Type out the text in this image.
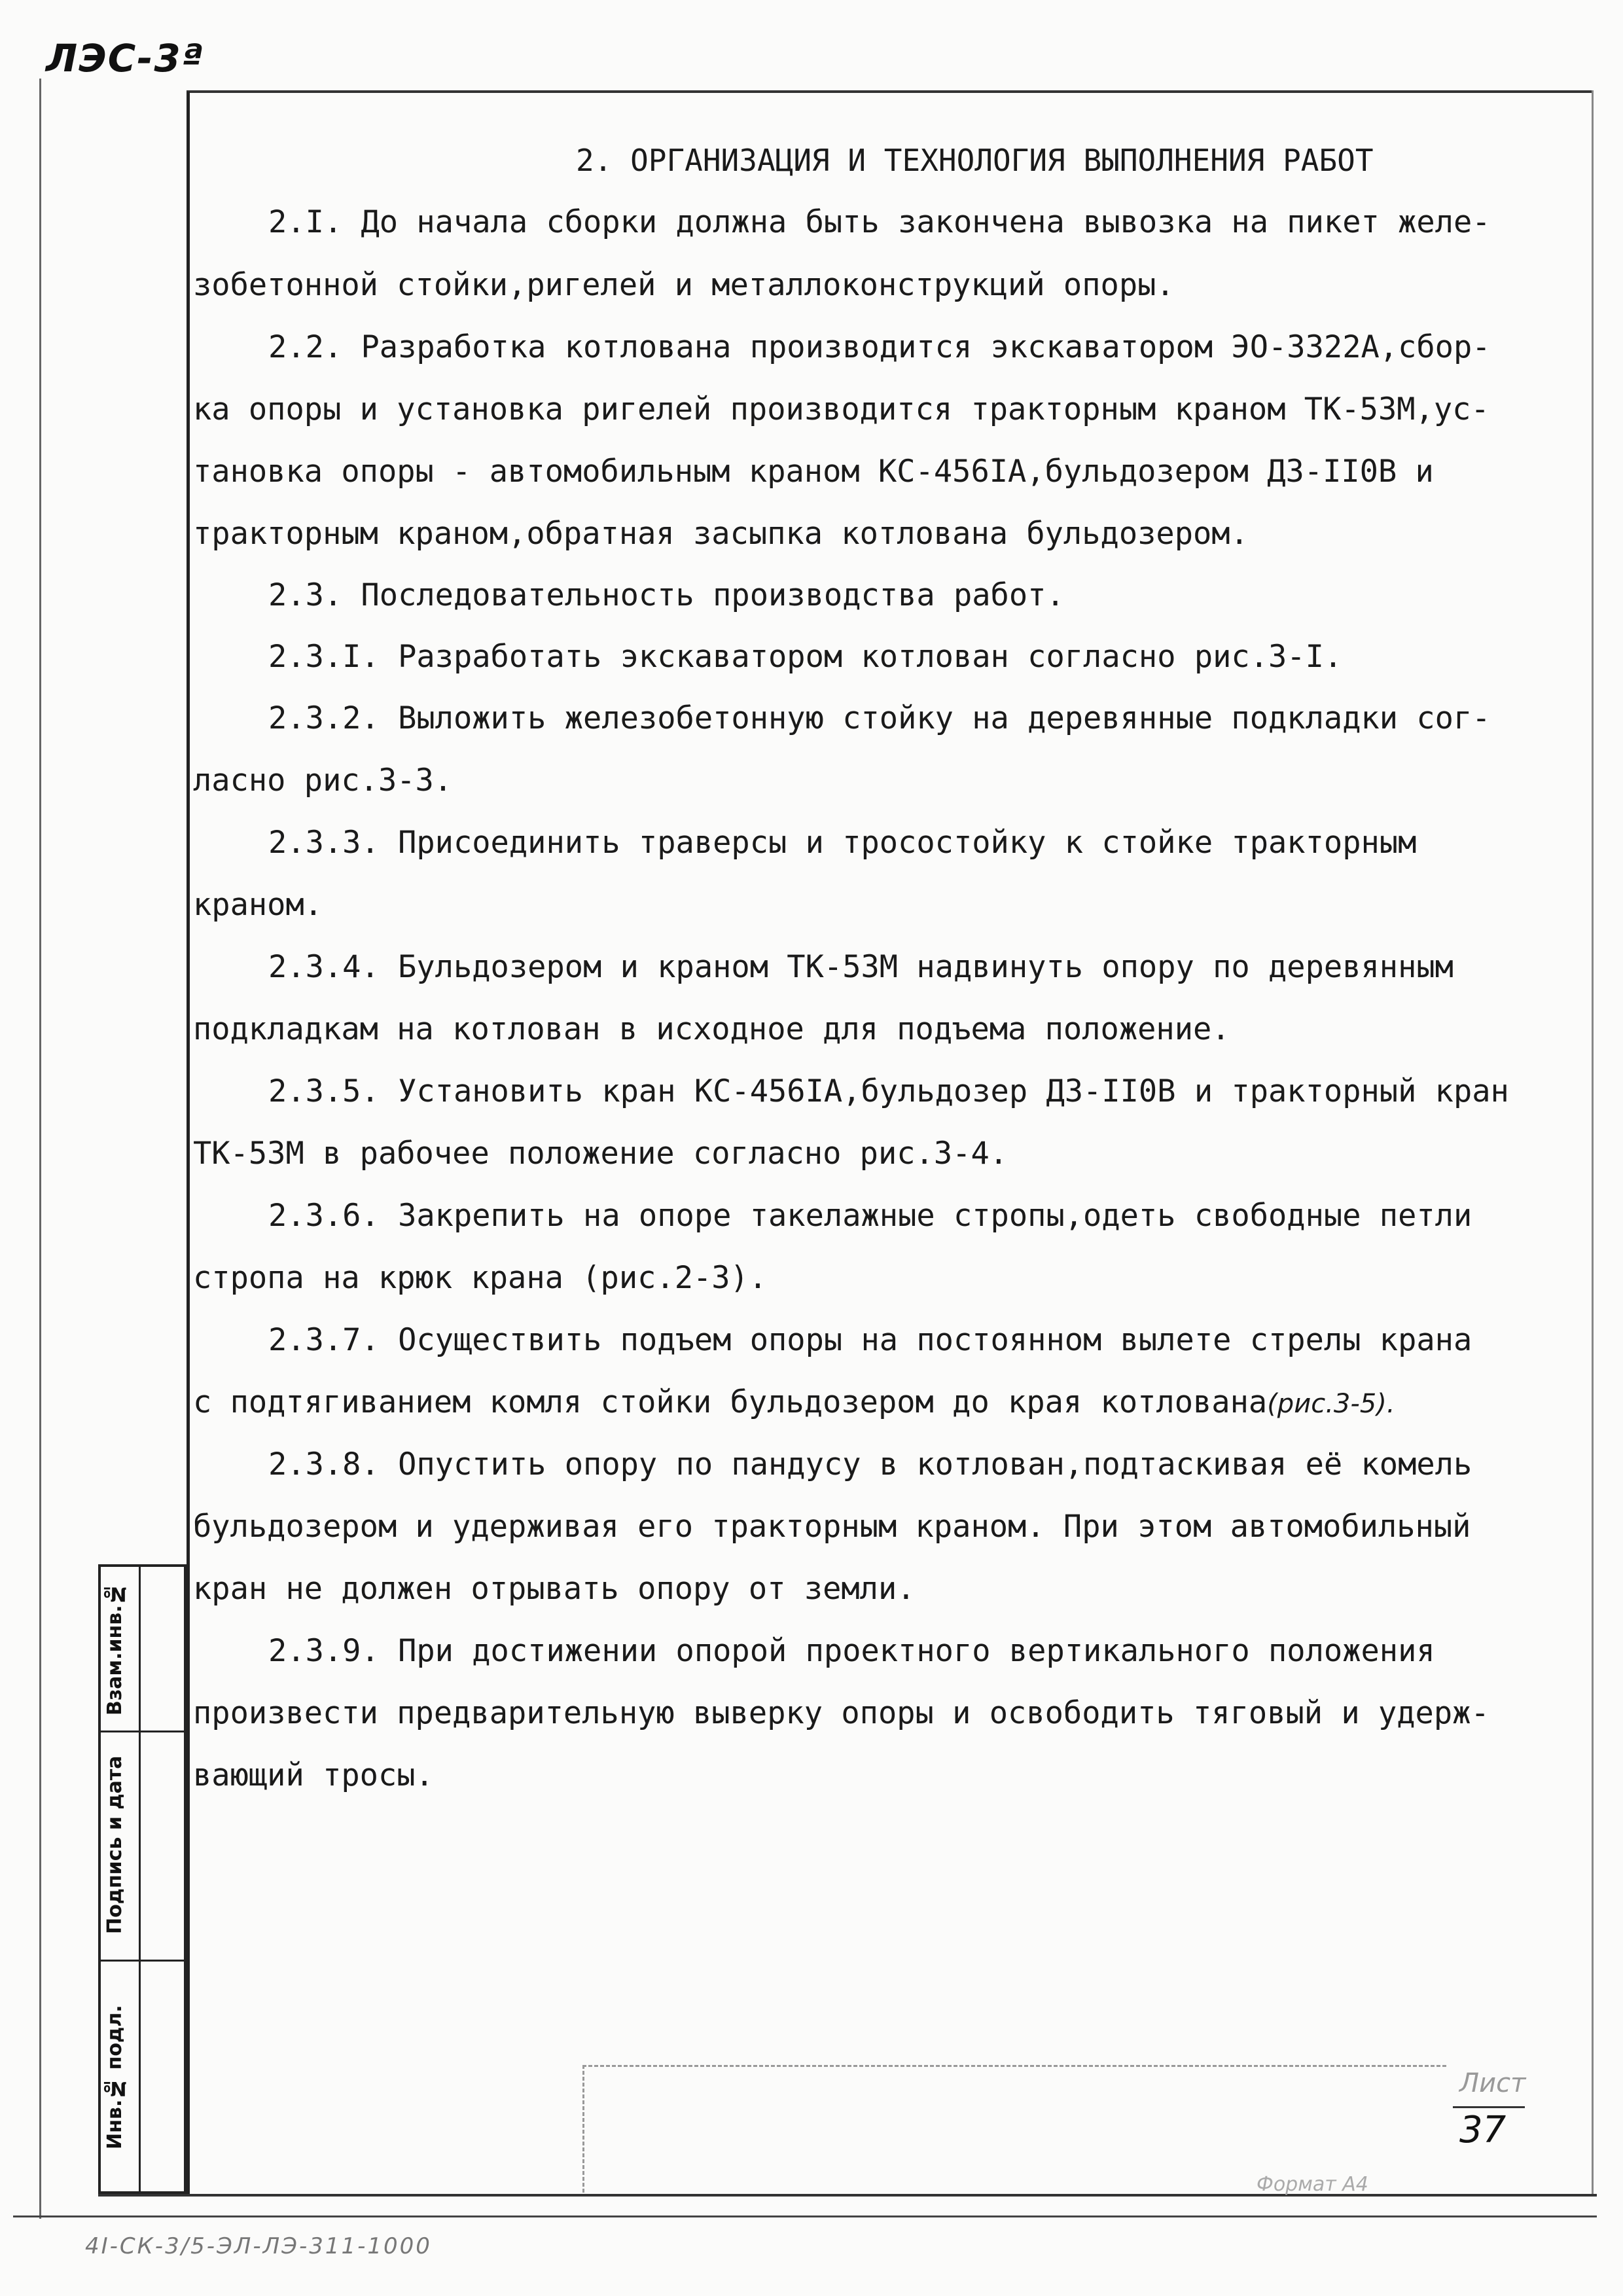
ЛЭС-3ª
Взам.инв.№
Подпись и дата
Инв.№ подл.
2. ОРГАНИЗАЦИЯ И ТЕХНОЛОГИЯ ВЫПОЛНЕНИЯ РАБОТ
2.I. До начала сборки должна быть закончена вывозка на пикет желе-
зобетонной стойки,ригелей и металлоконструкций опоры.
2.2. Разработка котлована производится экскаватором ЭО-3322А,сбор-
ка опоры и установка ригелей производится тракторным краном ТК-53М,ус-
тановка опоры - автомобильным краном КС-456IА,бульдозером ДЗ-II0В и
тракторным краном,обратная засыпка котлована бульдозером.
2.3. Последовательность производства работ.
2.3.I. Разработать экскаватором котлован согласно рис.3-I.
2.3.2. Выложить железобетонную стойку на деревянные подкладки сог-
ласно рис.3-3.
2.3.3. Присоединить траверсы и тросостойку к стойке тракторным
краном.
2.3.4. Бульдозером и краном ТК-53М надвинуть опору по деревянным
подкладкам на котлован в исходное для подъема положение.
2.3.5. Установить кран КС-456IА,бульдозер ДЗ-II0В и тракторный кран
ТК-53М в рабочее положение согласно рис.3-4.
2.3.6. Закрепить на опоре такелажные стропы,одеть свободные петли
стропа на крюк крана (рис.2-3).
2.3.7. Осуществить подъем опоры на постоянном вылете стрелы крана
с подтягиванием комля стойки бульдозером до края котлована(рис.3-5).
2.3.8. Опустить опору по пандусу в котлован,подтаскивая её комель
бульдозером и удерживая его тракторным краном. При этом автомобильный
кран не должен отрывать опору от земли.
2.3.9. При достижении опорой проектного вертикального положения
произвести предварительную выверку опоры и освободить тяговый и удерж-
вающий тросы.
Лист
37
Формат А4
4I-СК-3/5-ЭЛ-ЛЭ-311-1000
